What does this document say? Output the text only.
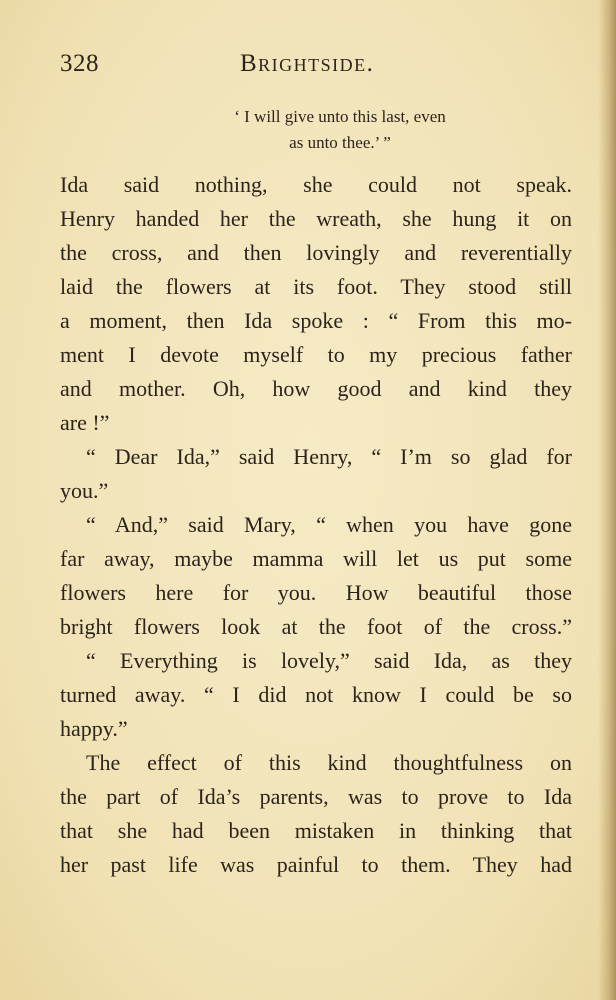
328	Brightside.
‘ I will give unto this last, even
as unto thee.’ ”
Ida said nothing, she could not speak.
Henry handed her the wreath, she hung it on
the cross, and then lovingly and reverentially
laid the flowers at its foot. They stood still
a moment, then Ida spoke : “ From this mo-
ment I devote myself to my precious father
and mother. Oh, how good and kind they
are !”
“ Dear Ida,” said Henry, “ I’m so glad for
you.”
“ And,” said Mary, “ when you have gone
far away, maybe mamma will let us put some
flowers here for you. How beautiful those
bright flowers look at the foot of the cross.”
“ Everything is lovely,” said Ida, as they
turned away. “ I did not know I could be so
happy.”
The effect of this kind thoughtfulness on
the part of Ida’s parents, was to prove to Ida
that she had been mistaken in thinking that
her past life was painful to them. They had
